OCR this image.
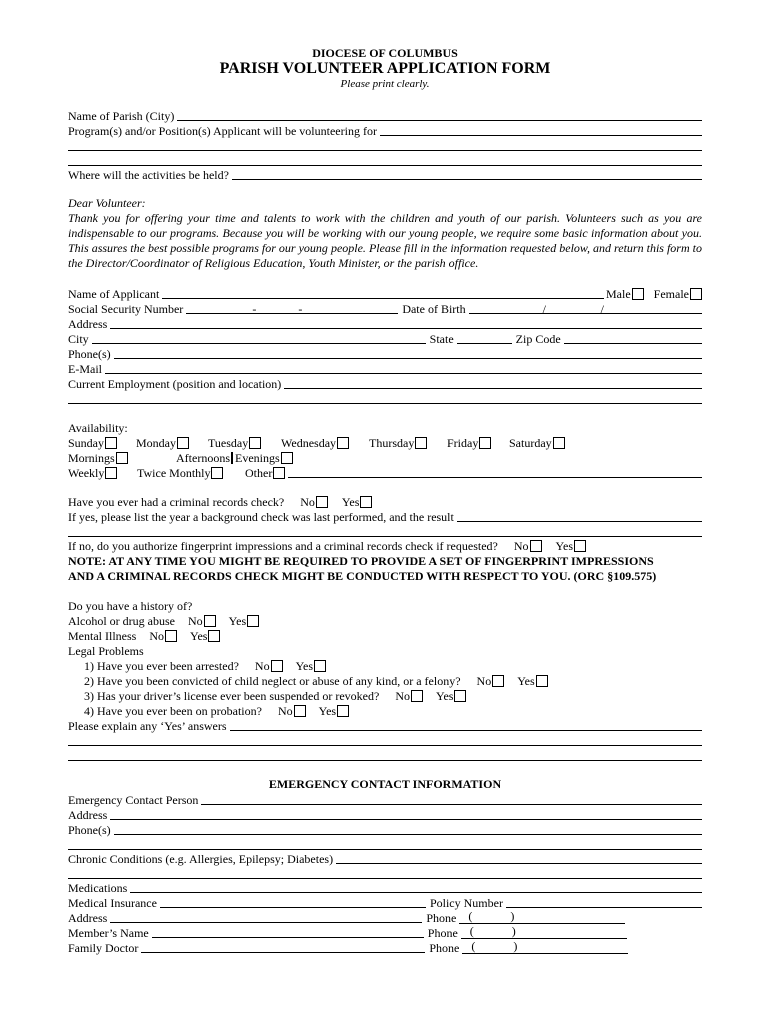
DIOCESE OF COLUMBUS
PARISH VOLUNTEER APPLICATION FORM
Please print clearly.
Name of Parish (City)
Program(s) and/or Position(s) Applicant will be volunteering for
Where will the activities be held?
Dear Volunteer:
Thank you for offering your time and talents to work with the children and youth of our parish. Volunteers such as you are indispensable to our programs. Because you will be working with our young people, we require some basic information about you. This assures the best possible programs for our young people. Please fill in the information requested below, and return this form to the Director/Coordinator of Religious Education, Youth Minister, or the parish office.
Name of Applicant	Male Female
Social Security Number	-	-	Date of Birth	/	/
Address
City	State	Zip Code
Phone(s)
E-Mail
Current Employment (position and location)
Availability:
Sunday	Monday	Tuesday	Wednesday	Thursday	Friday	Saturday
Mornings	Afternoons Evenings
Weekly	Twice Monthly	Other
Have you ever had a criminal records check? No Yes
If yes, please list the year a background check was last performed, and the result
If no, do you authorize fingerprint impressions and a criminal records check if requested? No Yes
NOTE: AT ANY TIME YOU MIGHT BE REQUIRED TO PROVIDE A SET OF FINGERPRINT IMPRESSIONS
AND A CRIMINAL RECORDS CHECK MIGHT BE CONDUCTED WITH RESPECT TO YOU. (ORC §109.575)
Do you have a history of?
Alcohol or drug abuse No Yes
Mental Illness No Yes
Legal Problems
1) Have you ever been arrested? No Yes
2) Have you been convicted of child neglect or abuse of any kind, or a felony? No Yes
3) Has your driver’s license ever been suspended or revoked? No Yes
4) Have you ever been on probation? No Yes
Please explain any ‘Yes’ answers
EMERGENCY CONTACT INFORMATION
Emergency Contact Person
Address
Phone(s)
Chronic Conditions (e.g. Allergies, Epilepsy; Diabetes)
Medications
Medical Insurance	Policy Number
Address	Phone (	)
Member’s Name	Phone (	)
Family Doctor	Phone (	)
